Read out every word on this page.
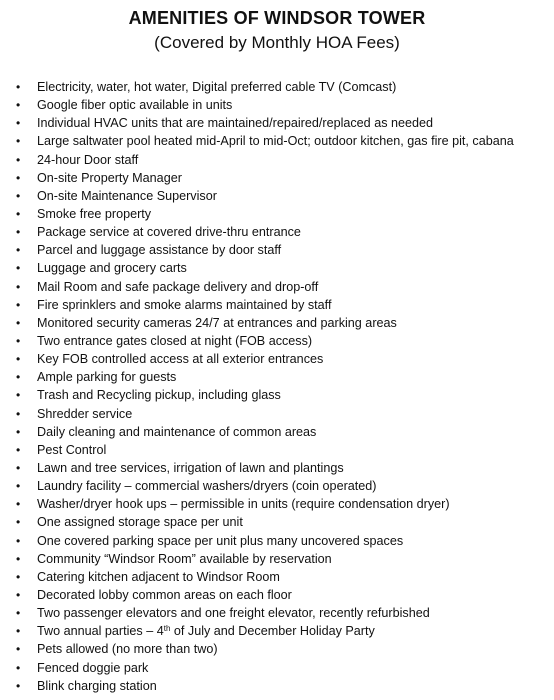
AMENITIES OF WINDSOR TOWER
(Covered by Monthly HOA Fees)
• Electricity, water, hot water, Digital preferred cable TV (Comcast)
• Google fiber optic available in units
• Individual HVAC units that are maintained/repaired/replaced as needed
• Large saltwater pool heated mid-April to mid-Oct; outdoor kitchen, gas fire pit, cabana
• 24-hour Door staff
• On-site Property Manager
• On-site Maintenance Supervisor
• Smoke free property
• Package service at covered drive-thru entrance
• Parcel and luggage assistance by door staff
• Luggage and grocery carts
• Mail Room and safe package delivery and drop-off
• Fire sprinklers and smoke alarms maintained by staff
• Monitored security cameras 24/7 at entrances and parking areas
• Two entrance gates closed at night (FOB access)
• Key FOB controlled access at all exterior entrances
• Ample parking for guests
• Trash and Recycling pickup, including glass
• Shredder service
• Daily cleaning and maintenance of common areas
• Pest Control
• Lawn and tree services, irrigation of lawn and plantings
• Laundry facility – commercial washers/dryers (coin operated)
• Washer/dryer hook ups – permissible in units (require condensation dryer)
• One assigned storage space per unit
• One covered parking space per unit plus many uncovered spaces
• Community “Windsor Room” available by reservation
• Catering kitchen adjacent to Windsor Room
• Decorated lobby common areas on each floor
• Two passenger elevators and one freight elevator, recently refurbished
• Two annual parties – 4th of July and December Holiday Party
• Pets allowed (no more than two)
• Fenced doggie park
• Blink charging station
